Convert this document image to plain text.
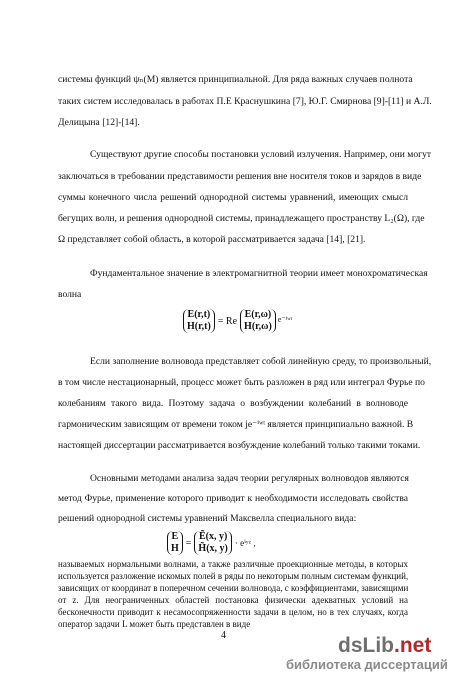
системы функций ψₙ(M) является принципиальной. Для ряда важных случаев полнота
таких систем исследовалась в работах П.Е Краснушкина [7], Ю.Г. Смирнова [9]-[11] и А.Л.
Делицына [12]-[14].
Существуют другие способы постановки условий излучения. Например, они могут
заключаться в требовании представимости решения вне носителя токов и зарядов в виде
суммы конечного числа решений однородной системы уравнений, имеющих смысл
бегущих волн, и решения однородной системы, принадлежащего пространству L₂(Ω), где
Ω представляет собой область, в которой рассматривается задача [14], [21].
Фундаментальное значение в электромагнитной теории имеет монохроматическая
волна
E(r,t)
H(r,t) = Re
E(r,ω)
H(r,ω)
e⁻ⁱʷᵗ
Если заполнение волновода представляет собой линейную среду, то произвольный,
в том числе нестационарный, процесс может быть разложен в ряд или интеграл Фурье по
колебаниям такого вида. Поэтому задача о возбуждении колебаний в волноводе
гармоническим зависящим от времени током je⁻ⁱʷᵗ является принципиально важной. В
настоящей диссертации рассматривается возбуждение колебаний только такими токами.
Основными методами анализа задач теории регулярных волноводов являются
метод Фурье, применение которого приводит к необходимости исследовать свойства
решений однородной системы уравнений Максвелла специального вида:
E
H =
Ẽ(x, y)
H̃(x, y)
· eⁱʸᶻ ,
4	dsLib.net
библиотека диссертаций
называемых нормальными волнами, а также различные проекционные методы, в которых
используется разложение искомых полей в ряды по некоторым полным системам функций,
зависящих от координат в поперечном сечении волновода, с коэффициентами, зависящими
от z. Для неограниченных областей постановка физически адекватных условий на
бесконечности приводит к несамосопряженности задачи в целом, но в тех случаях, когда
оператор задачи L может быть представлен в виде
